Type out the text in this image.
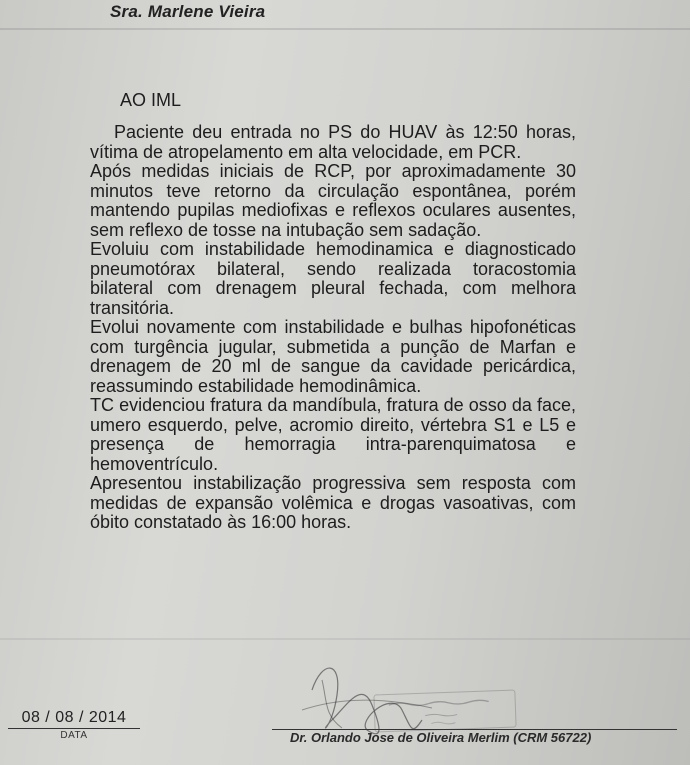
Sra. Marlene Vieira
AO IML

Paciente deu entrada no PS do HUAV às 12:50 horas, vítima de atropelamento em alta velocidade, em PCR.

Após medidas iniciais de RCP, por aproximadamente 30 minutos teve retorno da circulação espontânea, porém mantendo pupilas mediofixas e reflexos oculares ausentes, sem reflexo de tosse na intubação sem sadação.

Evoluiu com instabilidade hemodinamica e diagnosticado pneumotórax bilateral, sendo realizada toracostomia bilateral com drenagem pleural fechada, com melhora transitória.

Evolui novamente com instabilidade e bulhas hipofonéticas com turgência jugular, submetida a punção de Marfan e drenagem de 20 ml de sangue da cavidade pericárdica, reassumindo estabilidade hemodinâmica.

TC evidenciou fratura da mandíbula, fratura de osso da face, umero esquerdo, pelve, acromio direito, vértebra S1 e L5 e presença de hemorragia intra-parenquimatosa e hemoventrículo.

Apresentou instabilização progressiva sem resposta com medidas de expansão volêmica e drogas vasoativas, com óbito constatado às 16:00 horas.

08 / 08 / 2014
DATA	Dr. Orlando Jose de Oliveira Merlim (CRM 56722)
